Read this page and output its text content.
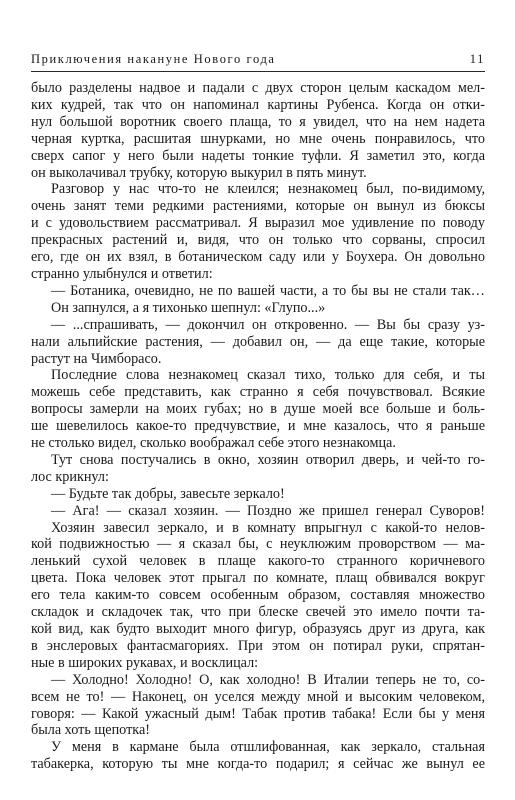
Приключения накануне Нового года	11

было разделены надвое и падали с двух сторон целым каскадом мел-

ких кудрей, так что он напоминал картины Рубенса. Когда он отки-

нул большой воротник своего плаща, то я увидел, что на нем надета

черная куртка, расшитая шнурками, но мне очень понравилось, что

сверх сапог у него были надеты тонкие туфли. Я заметил это, когда

он выколачивал трубку, которую выкурил в пять минут.

Разговор у нас что-то не клеился; незнакомец был, по-видимому,

очень занят теми редкими растениями, которые он вынул из бюксы

и с удовольствием рассматривал. Я выразил мое удивление по поводу

прекрасных растений и, видя, что он только что сорваны, спросил

его, где он их взял, в ботаническом саду или у Боухера. Он довольно

странно улыбнулся и ответил:

— Ботаника, очевидно, не по вашей части, а то бы вы не стали так…

Он запнулся, а я тихонько шепнул: «Глупо...»

— ...спрашивать, — докончил он откровенно. — Вы бы сразу уз-

нали альпийские растения, — добавил он, — да еще такие, которые

растут на Чимборасо.

Последние слова незнакомец сказал тихо, только для себя, и ты

можешь себе представить, как странно я себя почувствовал. Всякие

вопросы замерли на моих губах; но в душе моей все больше и боль-

ше шевелилось какое-то предчувствие, и мне казалось, что я раньше

не столько видел, сколько воображал себе этого незнакомца.

Тут снова постучались в окно, хозяин отворил дверь, и чей-то го-

лос крикнул:

— Будьте так добры, завесьте зеркало!

— Ага! — сказал хозяин. — Поздно же пришел генерал Суворов!

Хозяин завесил зеркало, и в комнату впрыгнул с какой-то нелов-

кой подвижностью — я сказал бы, с неуклюжим проворством — ма-

ленький сухой человек в плаще какого-то странного коричневого

цвета. Пока человек этот прыгал по комнате, плащ обвивался вокруг

его тела каким-то совсем особенным образом, составляя множество

складок и складочек так, что при блеске свечей это имело почти та-

кой вид, как будто выходит много фигур, образуясь друг из друга, как

в энслеровых фантасмагориях. При этом он потирал руки, спрятан-

ные в широких рукавах, и восклицал:

— Холодно! Холодно! О, как холодно! В Италии теперь не то, со-

всем не то! — Наконец, он уселся между мной и высоким человеком,

говоря: — Какой ужасный дым! Табак против табака! Если бы у меня

была хоть щепотка!

У меня в кармане была отшлифованная, как зеркало, стальная

табакерка, которую ты мне когда-то подарил; я сейчас же вынул ее
